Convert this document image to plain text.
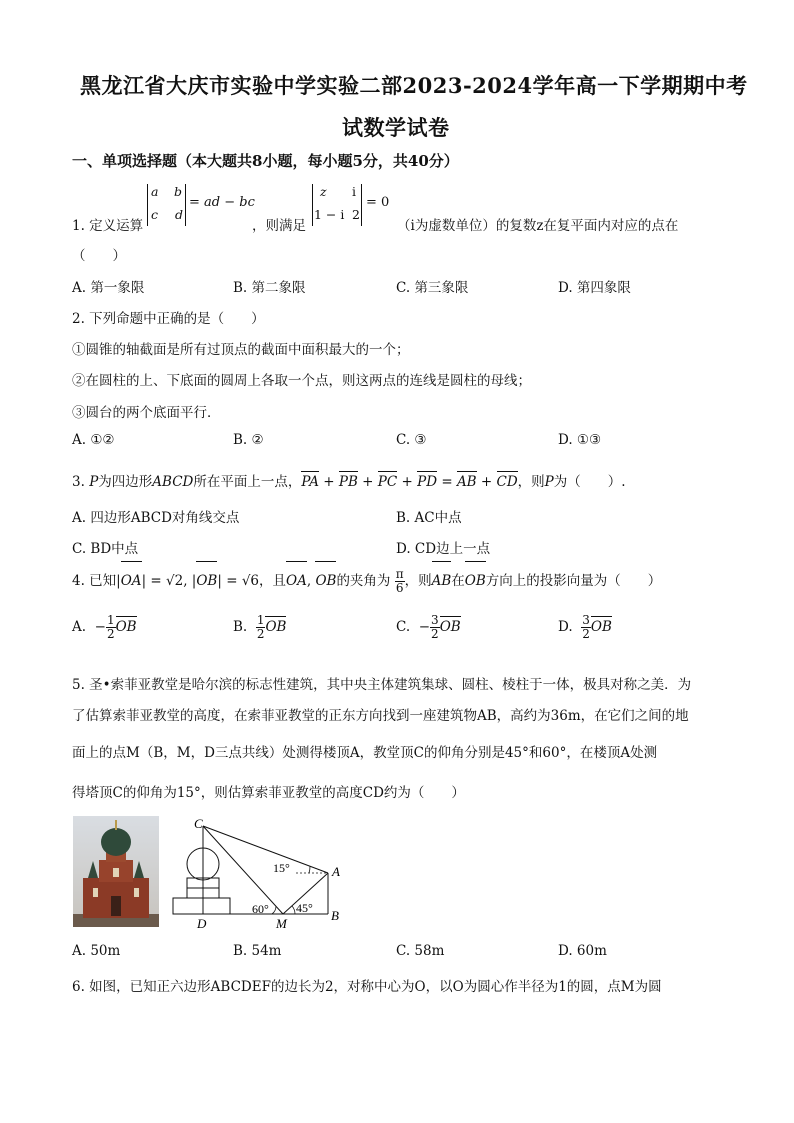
黑龙江省大庆市实验中学实验二部2023-2024学年高一下学期期中考
试数学试卷
一、单项选择题（本大题共8小题，每小题5分，共40分）
1. 定义运算
a b
c d
= ad − bc
，则满足
z i
1 − i 2
= 0
（i为虚数单位）的复数z在复平面内对应的点在
（　　）
A. 第一象限	B. 第二象限	C. 第三象限	D. 第四象限
2. 下列命题中正确的是（　　）
①圆锥的轴截面是所有过顶点的截面中面积最大的一个；
②在圆柱的上、下底面的圆周上各取一个点，则这两点的连线是圆柱的母线；
③圆台的两个底面平行．
A. ①②	B. ②	C. ③	D. ①③
3. P为四边形ABCD所在平面上一点，PA + PB + PC + PD = AB + CD，则P为（　　）.
A. 四边形ABCD对角线交点	B. AC中点
C. BD中点	D. CD边上一点
4. 已知|OA| = √2, |OB| = √6，且OA, OB的夹角为 $\frac{\pi}{6}$ ，则AB在OB方向上的投影向量为（　　）
A. − $\frac{1}{2}$ OB	B. $\frac{1}{2}$ OB	C. − $\frac{3}{2}$ OB	D. $\frac{3}{2}$ OB
5. 圣•索菲亚教堂是哈尔滨的标志性建筑，其中央主体建筑集球、圆柱、棱柱于一体，极具对称之美．为
了估算索菲亚教堂的高度，在索菲亚教堂的正东方向找到一座建筑物AB，高约为36m，在它们之间的地
面上的点M（B，M，D三点共线）处测得楼顶A，教堂顶C的仰角分别是45°和60°，在楼顶A处测
得塔顶C的仰角为15°，则估算索菲亚教堂的高度CD约为（　　）
C
A
B
D	M
15°
60° 45°
A. 50m	B. 54m	C. 58m	D. 60m
6. 如图，已知正六边形ABCDEF的边长为2，对称中心为O，以O为圆心作半径为1的圆，点M为圆
